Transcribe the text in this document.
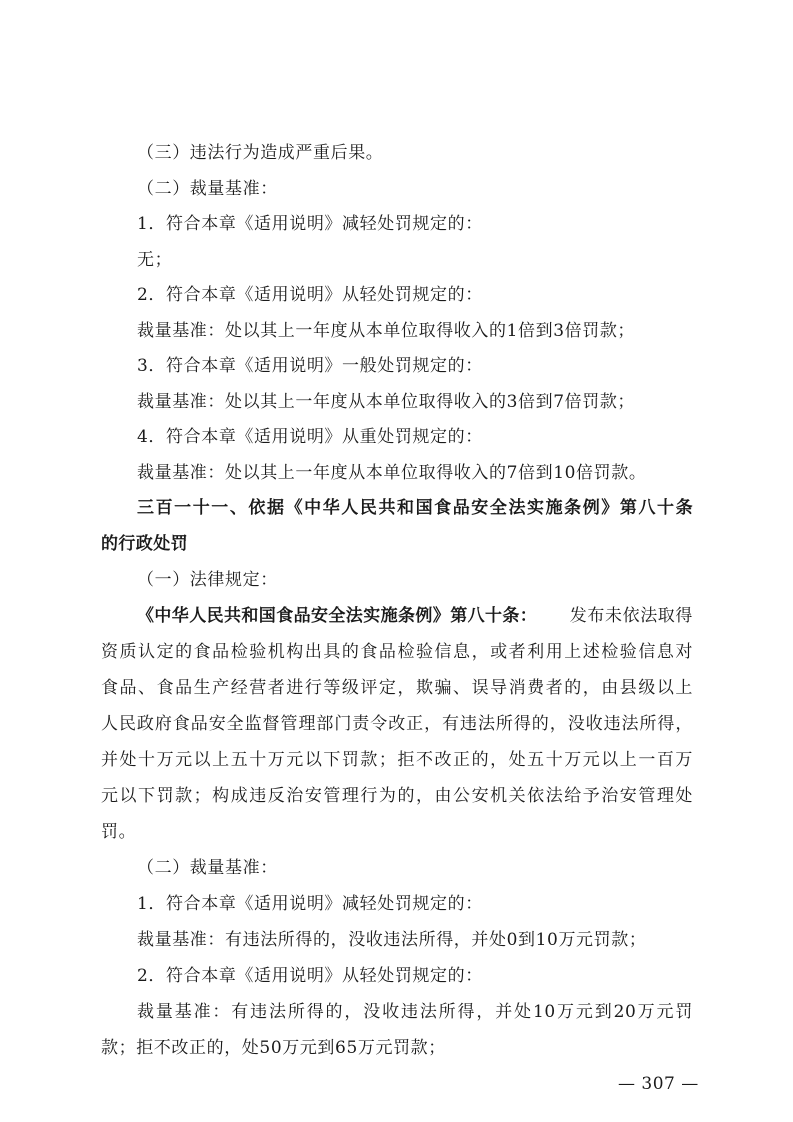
（三）违法行为造成严重后果。
（二）裁量基准：
1．符合本章《适用说明》减轻处罚规定的：
无；
2．符合本章《适用说明》从轻处罚规定的：
裁量基准：处以其上一年度从本单位取得收入的1倍到3倍罚款；
3．符合本章《适用说明》一般处罚规定的：
裁量基准：处以其上一年度从本单位取得收入的3倍到7倍罚款；
4．符合本章《适用说明》从重处罚规定的：
裁量基准：处以其上一年度从本单位取得收入的7倍到10倍罚款。
三百一十一、依据《中华人民共和国食品安全法实施条例》第八十条
的行政处罚
（一）法律规定：
《中华人民共和国食品安全法实施条例》第八十条： 发布未依法取得
资质认定的食品检验机构出具的食品检验信息，或者利用上述检验信息对
食品、食品生产经营者进行等级评定，欺骗、误导消费者的，由县级以上
人民政府食品安全监督管理部门责令改正，有违法所得的，没收违法所得，
并处十万元以上五十万元以下罚款；拒不改正的，处五十万元以上一百万
元以下罚款；构成违反治安管理行为的，由公安机关依法给予治安管理处
罚。
（二）裁量基准：
1．符合本章《适用说明》减轻处罚规定的：
裁量基准：有违法所得的，没收违法所得，并处0到10万元罚款；
2．符合本章《适用说明》从轻处罚规定的：
裁量基准：有违法所得的，没收违法所得，并处10万元到20万元罚
款；拒不改正的，处50万元到65万元罚款；
— 307 —
